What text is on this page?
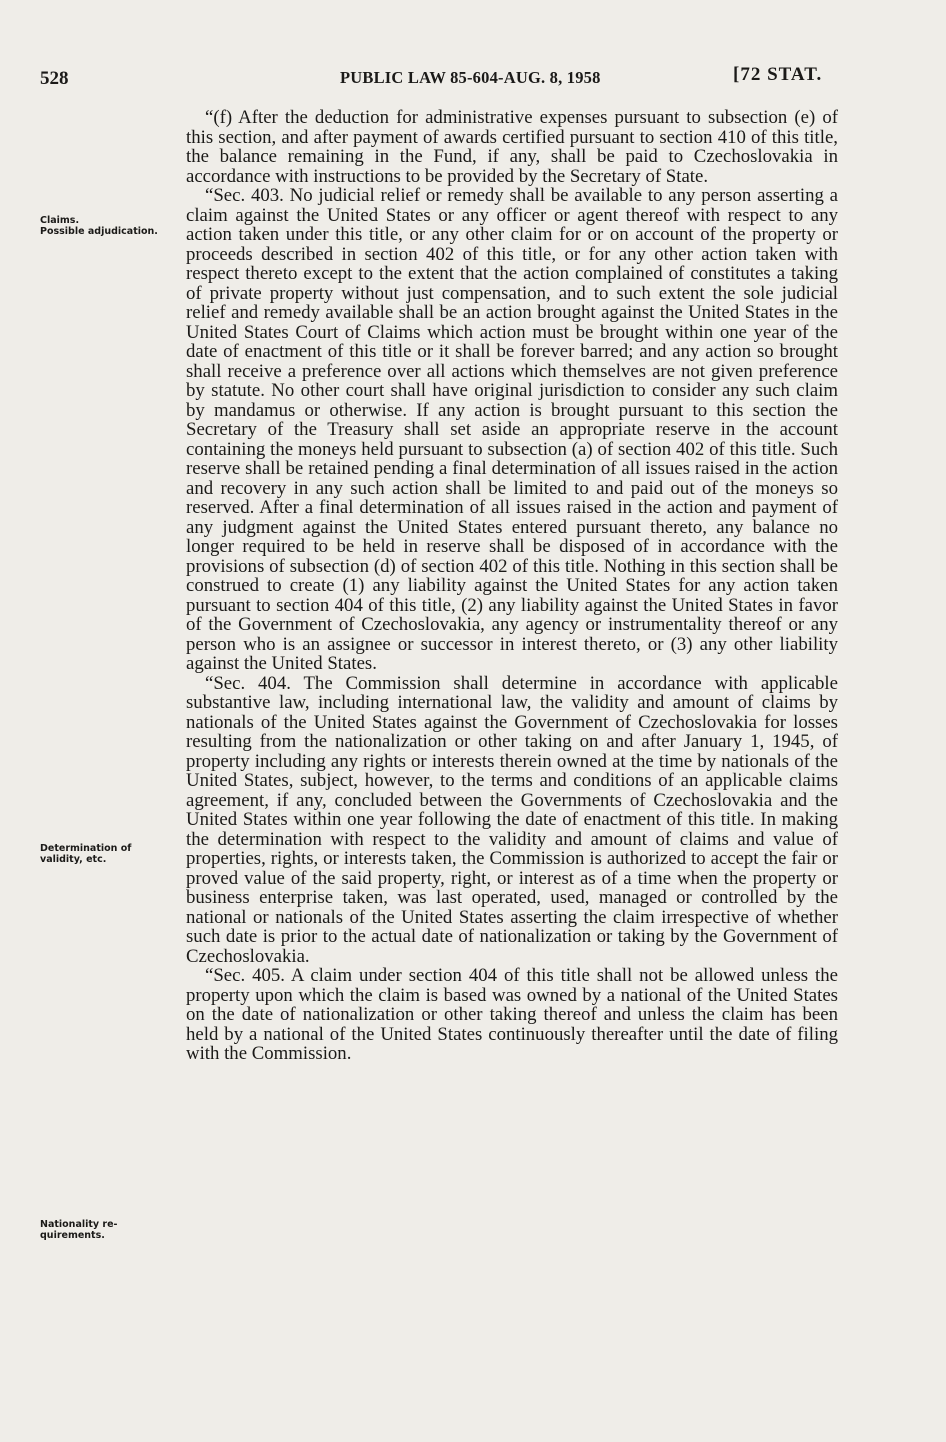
528	PUBLIC LAW 85-604-AUG. 8, 1958	[72 STAT.
Claims.
Possible adjudication.
Determination of
validity, etc.
Nationality re-
quirements.

“(f) After the deduction for administrative expenses pursuant to subsection (e) of this section, and after payment of awards certified pursuant to section 410 of this title, the balance remaining in the Fund, if any, shall be paid to Czechoslovakia in accordance with instructions to be provided by the Secretary of State.

“Sec. 403. No judicial relief or remedy shall be available to any person asserting a claim against the United States or any officer or agent thereof with respect to any action taken under this title, or any other claim for or on account of the property or proceeds described in section 402 of this title, or for any other action taken with respect thereto except to the extent that the action complained of constitutes a taking of private property without just compensation, and to such extent the sole judicial relief and remedy available shall be an action brought against the United States in the United States Court of Claims which action must be brought within one year of the date of enactment of this title or it shall be forever barred; and any action so brought shall receive a preference over all actions which themselves are not given preference by statute. No other court shall have original jurisdiction to consider any such claim by mandamus or otherwise. If any action is brought pursuant to this section the Secretary of the Treasury shall set aside an appropriate reserve in the account containing the moneys held pursuant to subsection (a) of section 402 of this title. Such reserve shall be retained pending a final determination of all issues raised in the action and recovery in any such action shall be limited to and paid out of the moneys so reserved. After a final determination of all issues raised in the action and payment of any judgment against the United States entered pursuant thereto, any balance no longer required to be held in reserve shall be disposed of in accordance with the provisions of subsection (d) of section 402 of this title. Nothing in this section shall be construed to create (1) any liability against the United States for any action taken pursuant to section 404 of this title, (2) any liability against the United States in favor of the Government of Czechoslovakia, any agency or instrumentality thereof or any person who is an assignee or successor in interest thereto, or (3) any other liability against the United States.

“Sec. 404. The Commission shall determine in accordance with applicable substantive law, including international law, the validity and amount of claims by nationals of the United States against the Government of Czechoslovakia for losses resulting from the nationalization or other taking on and after January 1, 1945, of property including any rights or interests therein owned at the time by nationals of the United States, subject, however, to the terms and conditions of an applicable claims agreement, if any, concluded between the Governments of Czechoslovakia and the United States within one year following the date of enactment of this title. In making the determination with respect to the validity and amount of claims and value of properties, rights, or interests taken, the Commission is authorized to accept the fair or proved value of the said property, right, or interest as of a time when the property or business enterprise taken, was last operated, used, managed or controlled by the national or nationals of the United States asserting the claim irrespective of whether such date is prior to the actual date of nationalization or taking by the Government of Czechoslovakia.

“Sec. 405. A claim under section 404 of this title shall not be allowed unless the property upon which the claim is based was owned by a national of the United States on the date of nationalization or other taking thereof and unless the claim has been held by a national of the United States continuously thereafter until the date of filing with the Commission.
